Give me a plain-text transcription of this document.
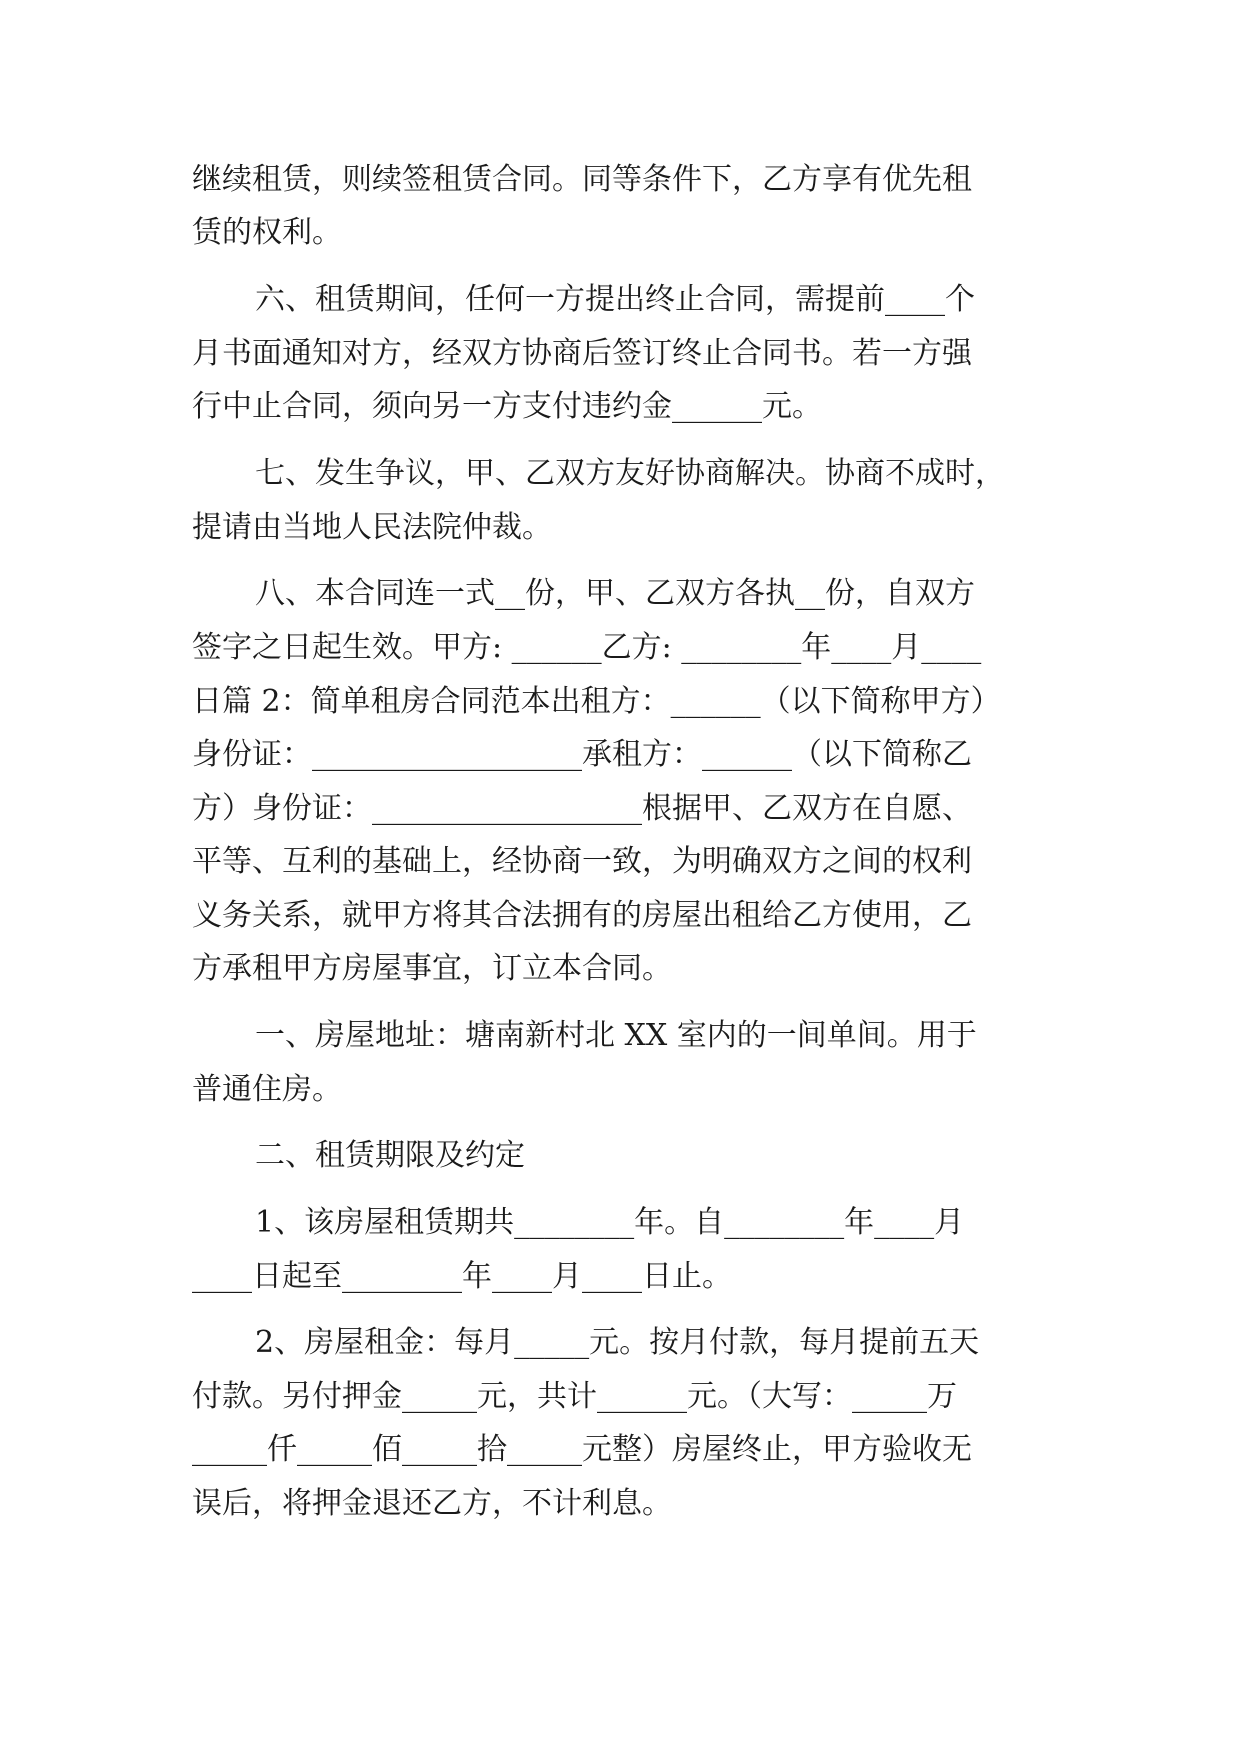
继续租赁，则续签租赁合同。同等条件下，乙方享有优先租
赁的权利。
六、租赁期间，任何一方提出终止合同，需提前____个
月书面通知对方，经双方协商后签订终止合同书。若一方强
行中止合同，须向另一方支付违约金______元。
七、发生争议，甲、乙双方友好协商解决。协商不成时，
提请由当地人民法院仲裁。
八、本合同连一式__份，甲、乙双方各执__份，自双方
签字之日起生效。甲方: ______乙方: ________年____月____
日篇 2：简单租房合同范本出租方：______（以下简称甲方）
身份证：__________________承租方：______（以下简称乙
方）身份证：__________________根据甲、乙双方在自愿、
平等、互利的基础上，经协商一致，为明确双方之间的权利
义务关系，就甲方将其合法拥有的房屋出租给乙方使用，乙
方承租甲方房屋事宜，订立本合同。
一、房屋地址：塘南新村北 XX 室内的一间单间。用于
普通住房。
二、租赁期限及约定
1、该房屋租赁期共________年。自________年____月
____日起至________年____月____日止。
2、房屋租金：每月_____元。按月付款，每月提前五天
付款。另付押金_____元，共计______元。（大写：_____万
_____仟_____佰_____拾_____元整）房屋终止，甲方验收无
误后，将押金退还乙方，不计利息。
